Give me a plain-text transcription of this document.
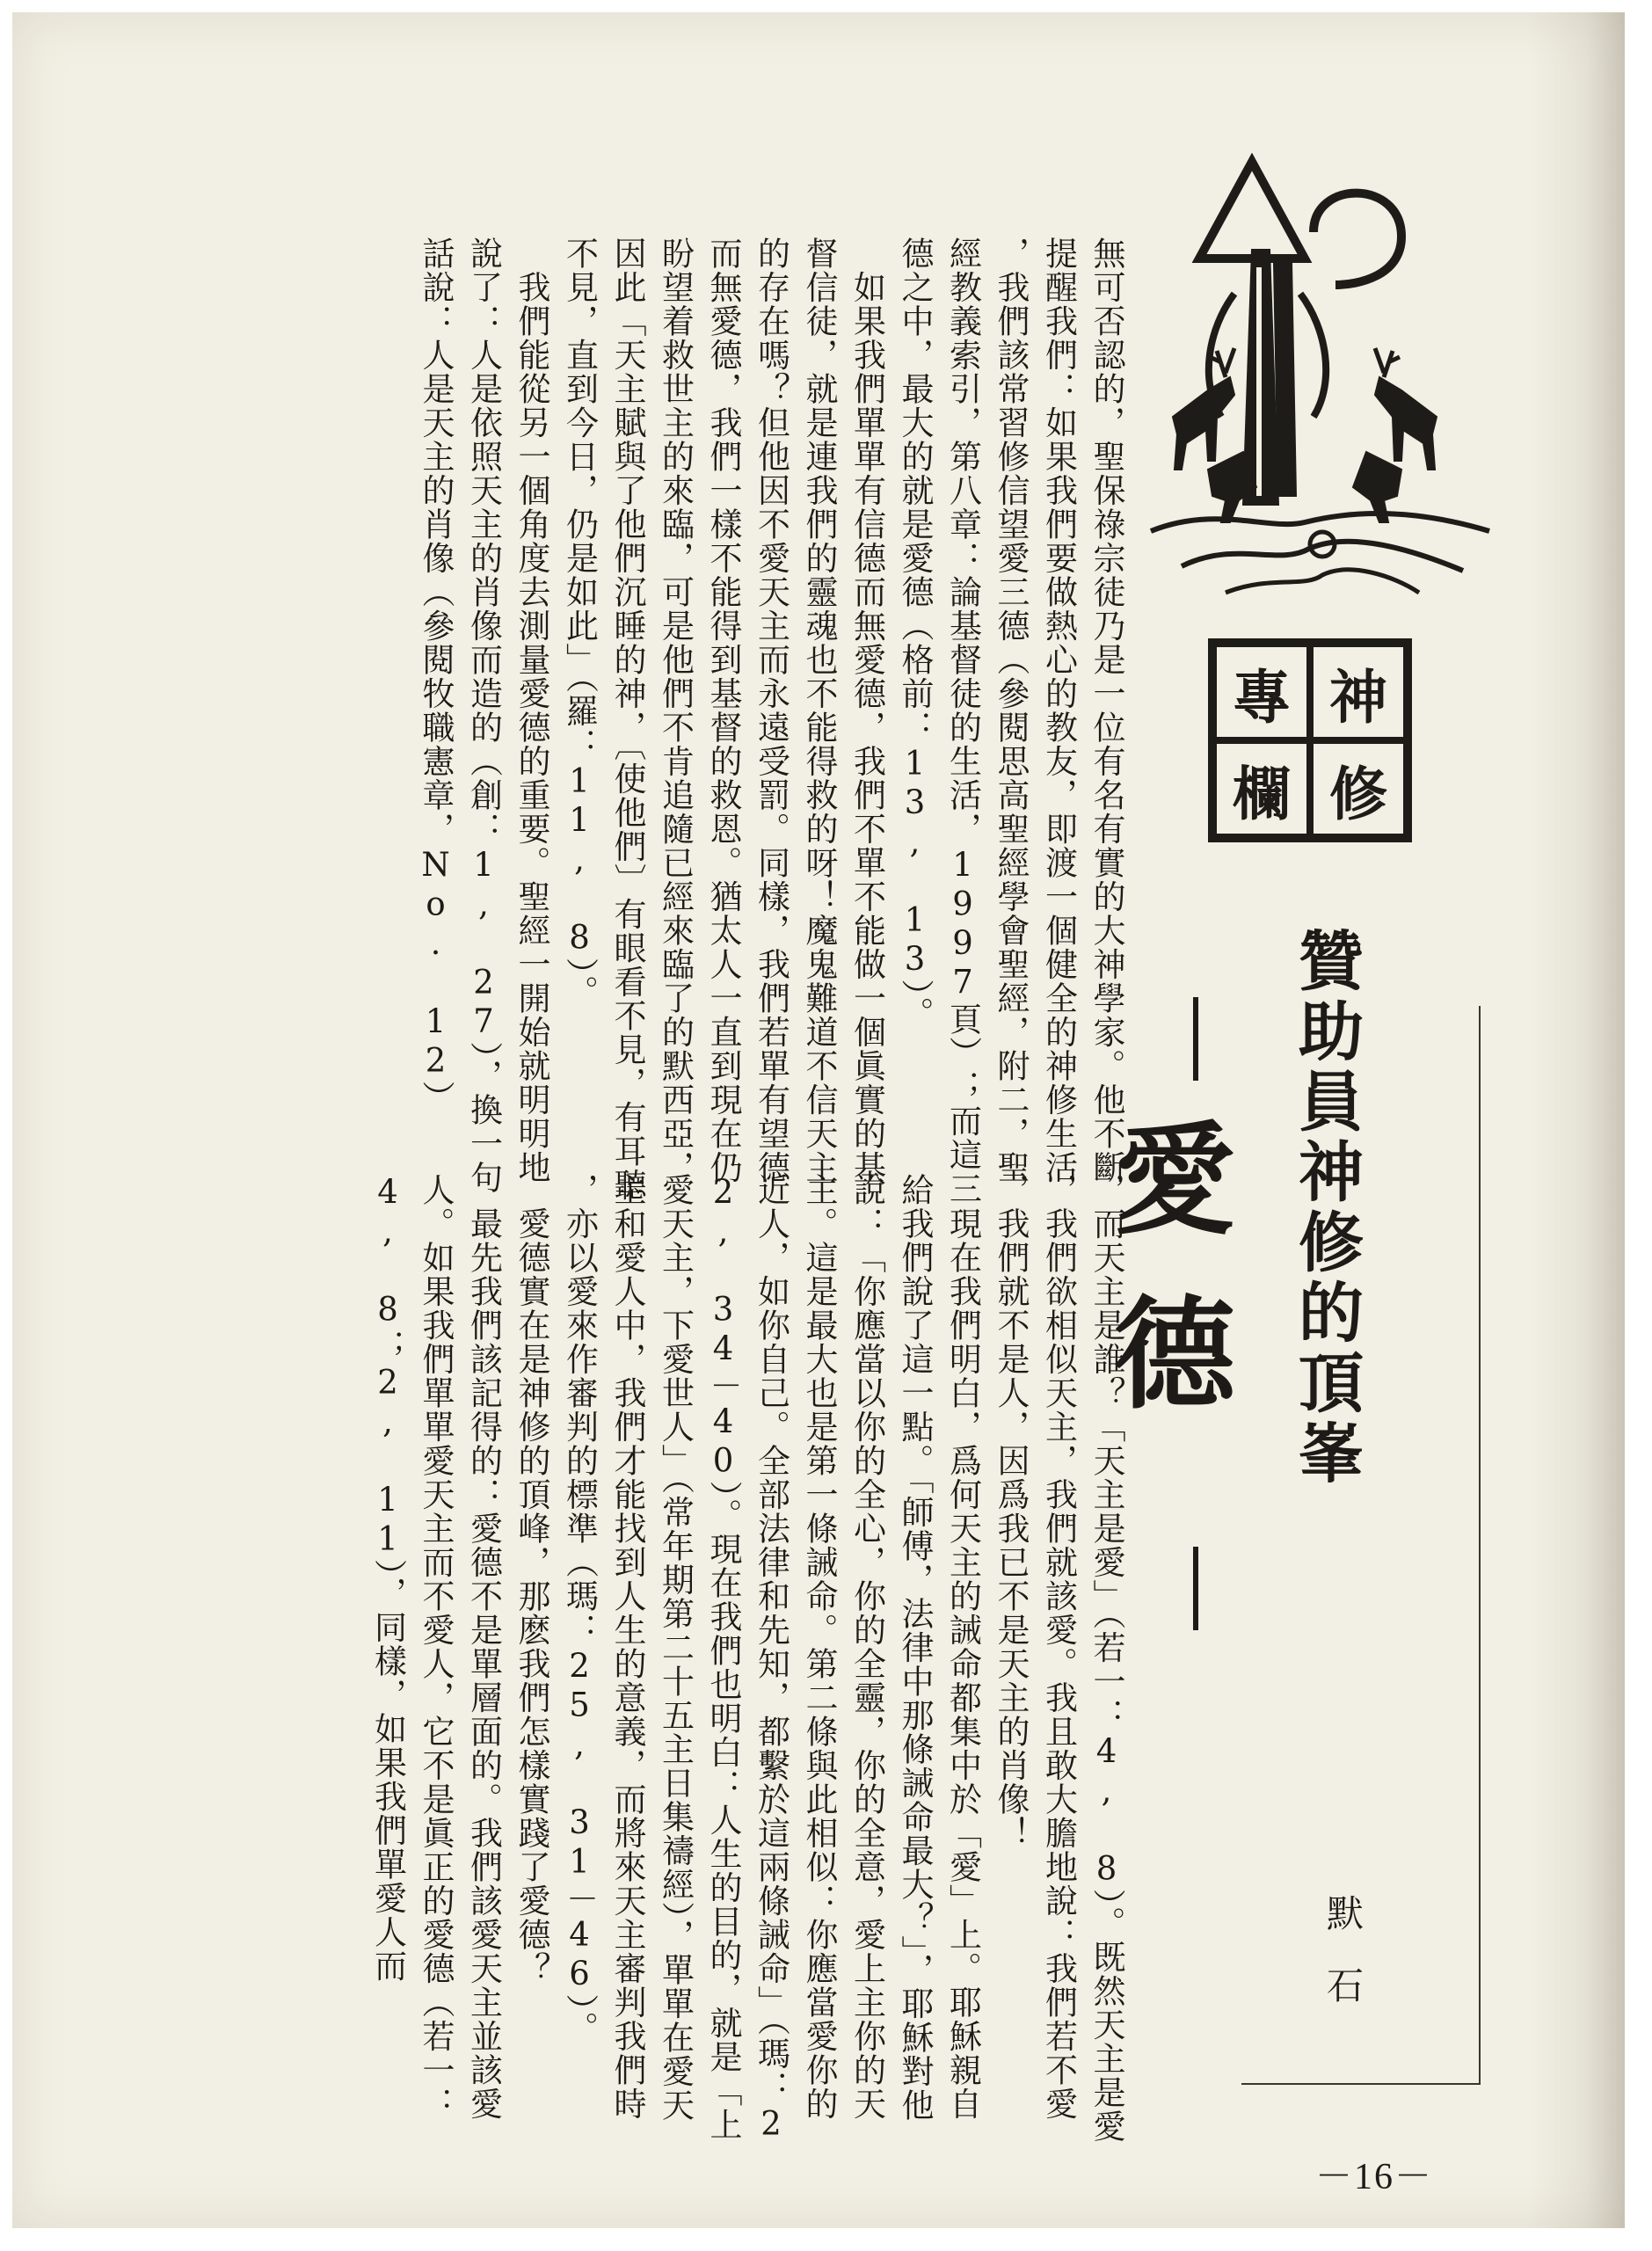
專 神
欄 修
贊助員神修的頂峯
愛德
默石

無可否認的，聖保祿宗徒乃是一位有名有實的大神學家。他不斷提醒我們：如果我們要做熱心的教友，即渡一個健全的神修生活，我們該常習修信望愛三德（參閱思高聖經學會聖經，附二，聖經教義索引，第八章：論基督徒的生活，1997頁）；而這三德之中，最大的就是愛德（格前：13, 13）。
　如果我們單單有信德而無愛德，我們不單不能做一個眞實的基督信徒，就是連我們的靈魂也不能得救的呀！魔鬼難道不信天主的存在嗎？但他因不愛天主而永遠受罰。同樣，我們若單有望德而無愛德，我們一樣不能得到基督的救恩。猶太人一直到現在仍盼望着救世主的來臨，可是他們不肯追隨已經來臨了的默西亞，因此「天主賦與了他們沉睡的神，〔使他們〕有眼看不見，有耳聽不見，直到今日，仍是如此」（羅：11, 8）。
　我們能從另一個角度去測量愛德的重要。聖經一開始就明明地說了：人是依照天主的肖像而造的（創：1, 27），換一句話說：人是天主的肖像（參閱牧職憲章，No. 12）

，而天主是誰？「天主是愛」（若一：4, 8）。既然天主是愛，我們欲相似天主，我們就該愛。我且敢大膽地說：我們若不愛，我們就不是人，因爲我已不是天主的肖像！
　現在我們明白，爲何天主的誡命都集中於「愛」上。耶穌親自給我們說了這一點。「師傅，法律中那條誡命最大？」，耶穌對他說：「你應當以你的全心，你的全靈，你的全意，愛上主你的天主。這是最大也是第一條誡命。第二條與此相似：你應當愛你的近人，如你自己。全部法律和先知，都繫於這兩條誡命」（瑪：22, 34－40）。現在我們也明白：人生的目的，就是「上愛天主，下愛世人」（常年期第二十五主日集禱經），單單在愛天主和愛人中，我們才能找到人生的意義，而將來天主審判我們時，亦以愛來作審判的標準（瑪：25, 31－46）。
　愛德實在是神修的頂峰，那麽我們怎樣實踐了愛德？
　最先我們該記得的：愛德不是單層面的。我們該愛天主並該愛人。如果我們單單愛天主而不愛人，它不是眞正的愛德（若一：4, 8；2, 11），同樣，如果我們單愛人而

－16－
